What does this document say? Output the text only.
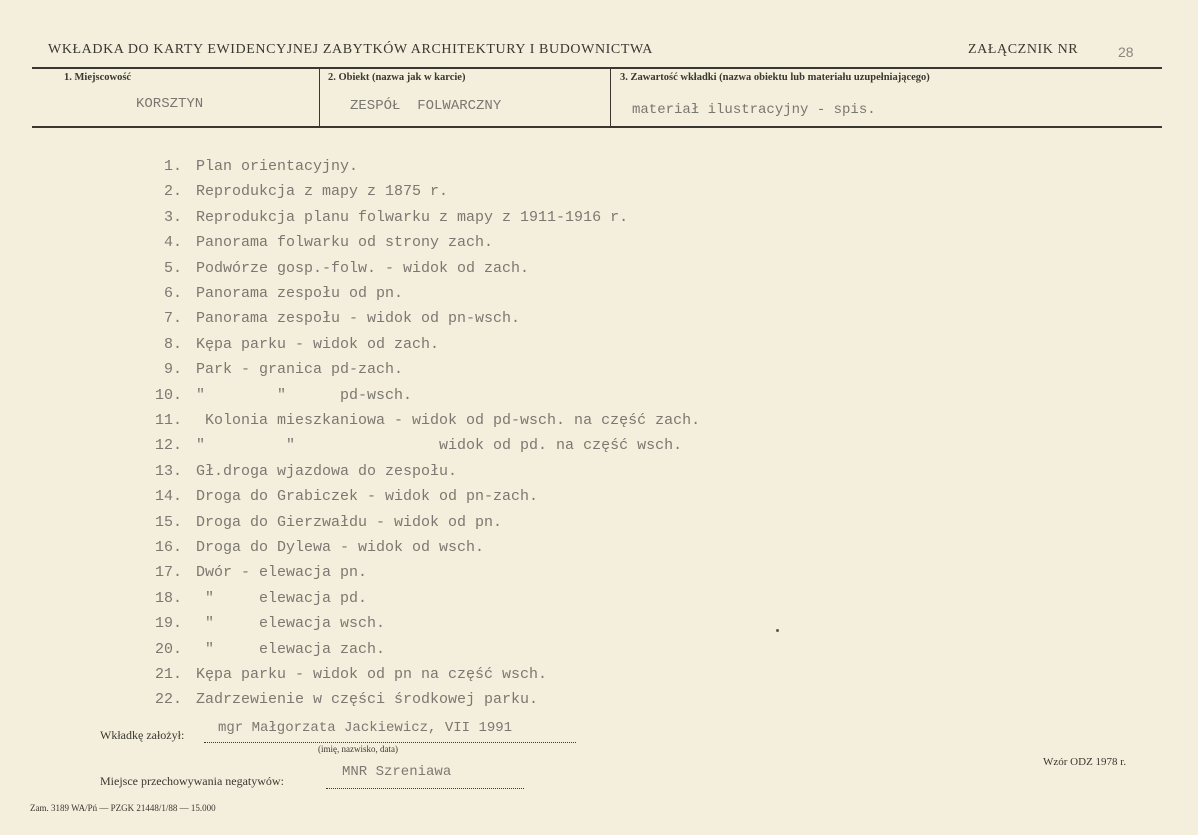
WKŁADKA DO KARTY EWIDENCYJNEJ ZABYTKÓW ARCHITEKTURY I BUDOWNICTWA	ZAŁĄCZNIK NR	28
1. Miejscowość
KORSZTYN
2. Obiekt (nazwa jak w karcie)
ZESPÓŁ  FOLWARCZNY
3. Zawartość wkładki (nazwa obiektu lub materiału uzupełniającego)
materiał ilustracyjny - spis.
1. Plan orientacyjny.
2. Reprodukcja z mapy z 1875 r.
3. Reprodukcja planu folwarku z mapy z 1911-1916 r.
4. Panorama folwarku od strony zach.
5. Podwórze gosp.-folw. - widok od zach.
6. Panorama zespołu od pn.
7. Panorama zespołu - widok od pn-wsch.
8. Kępa parku - widok od zach.
9. Park - granica pd-zach.
10. "        "      pd-wsch.
11. Kolonia mieszkaniowa - widok od pd-wsch. na część zach.
12. "         "                widok od pd. na część wsch.
13. Gł.droga wjazdowa do zespołu.
14. Droga do Grabiczek - widok od pn-zach.
15. Droga do Gierzwałdu - widok od pn.
16. Droga do Dylewa - widok od wsch.
17. Dwór - elewacja pn.
18. "     elewacja pd.
19. "     elewacja wsch.
20. "     elewacja zach.
21. Kępa parku - widok od pn na część wsch.
22. Zadrzewienie w części środkowej parku.
Wkładkę założył: mgr Małgorzata Jackiewicz, VII 1991
(imię, nazwisko, data)
Miejsce przechowywania negatywów:
MNR Szreniawa
Wzór ODZ 1978 r.
Zam. 3189 WA/Pń — PZGK 21448/1/88 — 15.000
